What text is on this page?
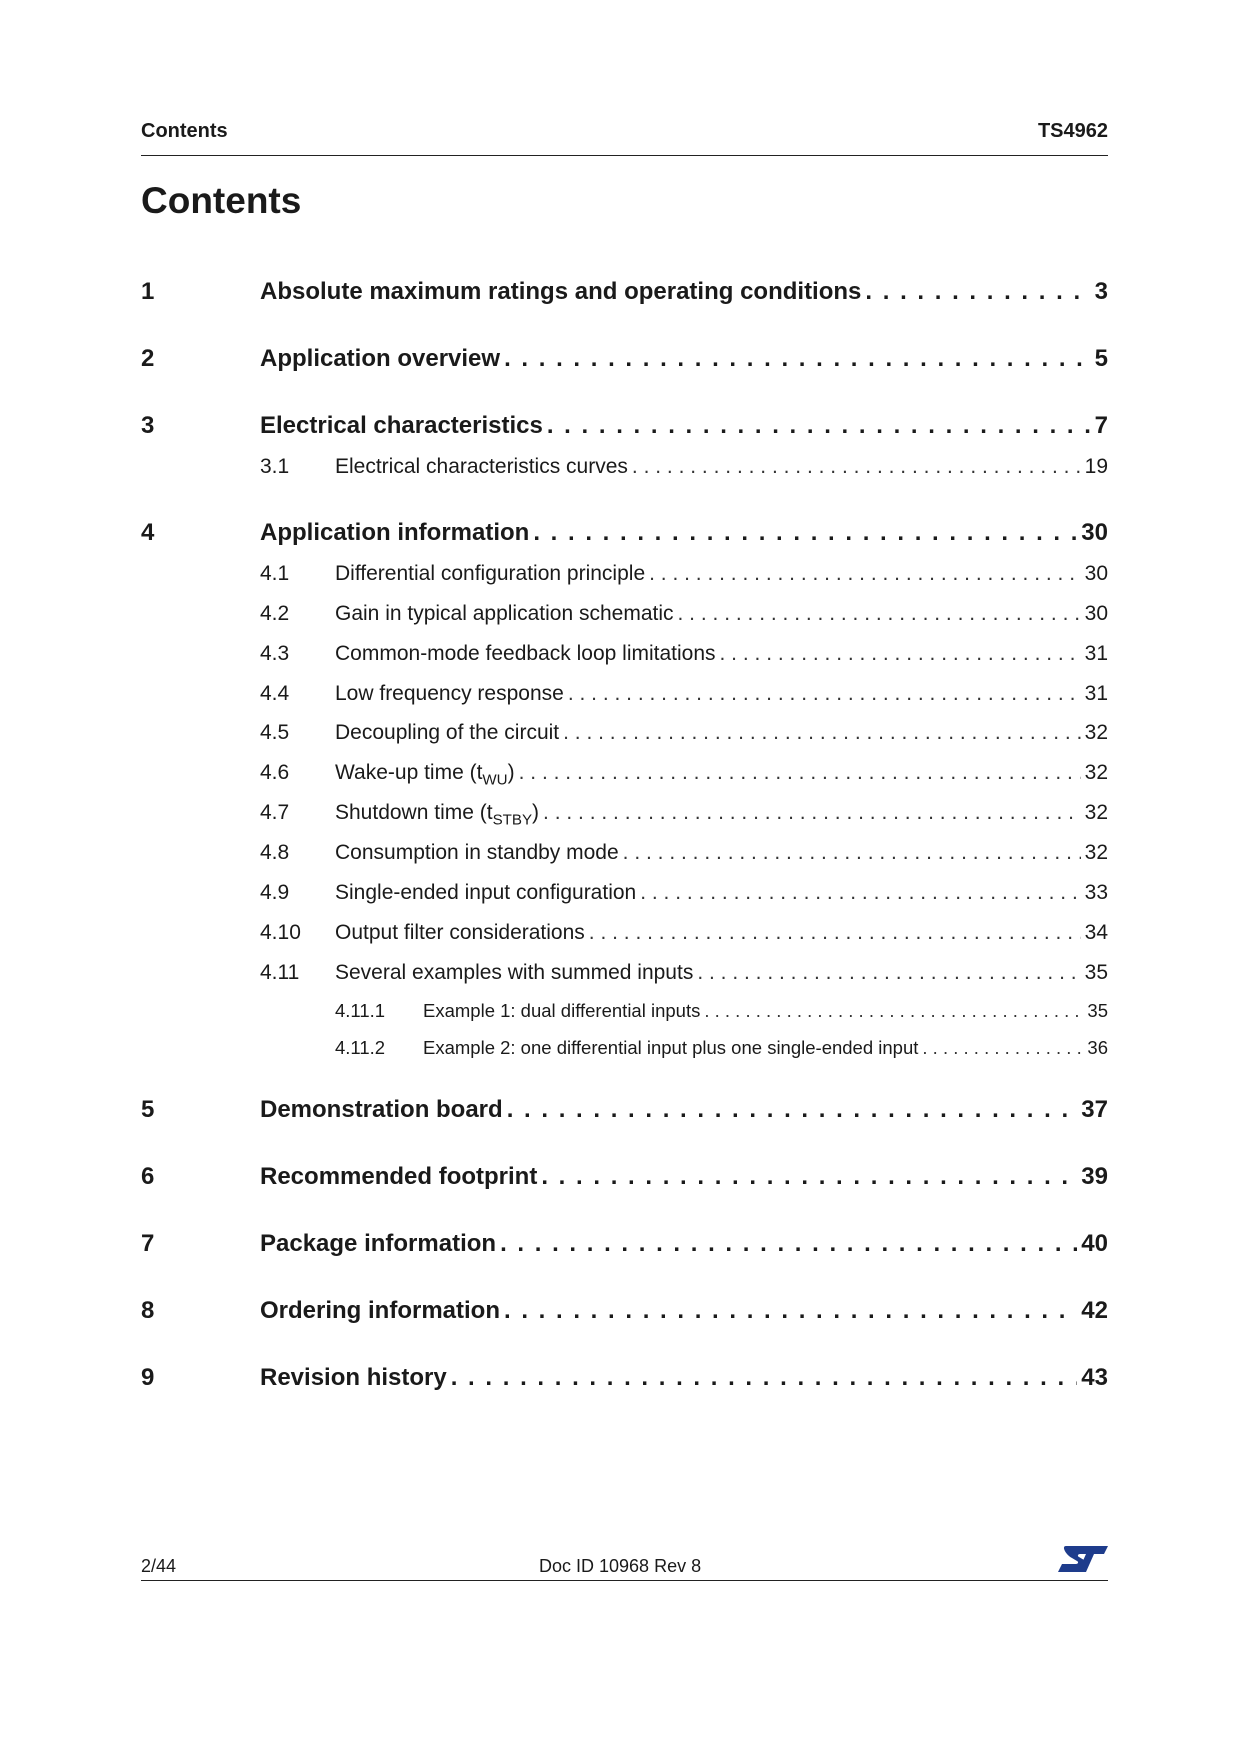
Contents	TS4962
Contents
1	Absolute maximum ratings and operating conditions . . .	3
2	Application overview . . .	5
3	Electrical characteristics . . .	7
3.1 Electrical characteristics curves . . .	19
4	Application information . . .	30
4.1 Differential configuration principle . . .	30
4.2 Gain in typical application schematic . . .	30
4.3 Common-mode feedback loop limitations . . .	31
4.4 Low frequency response . . .	31
4.5 Decoupling of the circuit . . .	32
4.6 Wake-up time $(t_{WU})$ . . .	32
4.7 Shutdown time $(t_{STBY})$ . . .	32
4.8 Consumption in standby mode . . .	32
4.9 Single-ended input configuration . . .	33
4.10 Output filter considerations . . .	34
4.11 Several examples with summed inputs . . .	35
4.11.1 Example 1: dual differential inputs . . .	35
4.11.2 Example 2: one differential input plus one single-ended input . . .	36
5	Demonstration board . . .	37
6	Recommended footprint . . .	39
7	Package information . . .	40
8	Ordering information . . .	42
9	Revision history . . .	43
2/44	Doc ID 10968 Rev 8
